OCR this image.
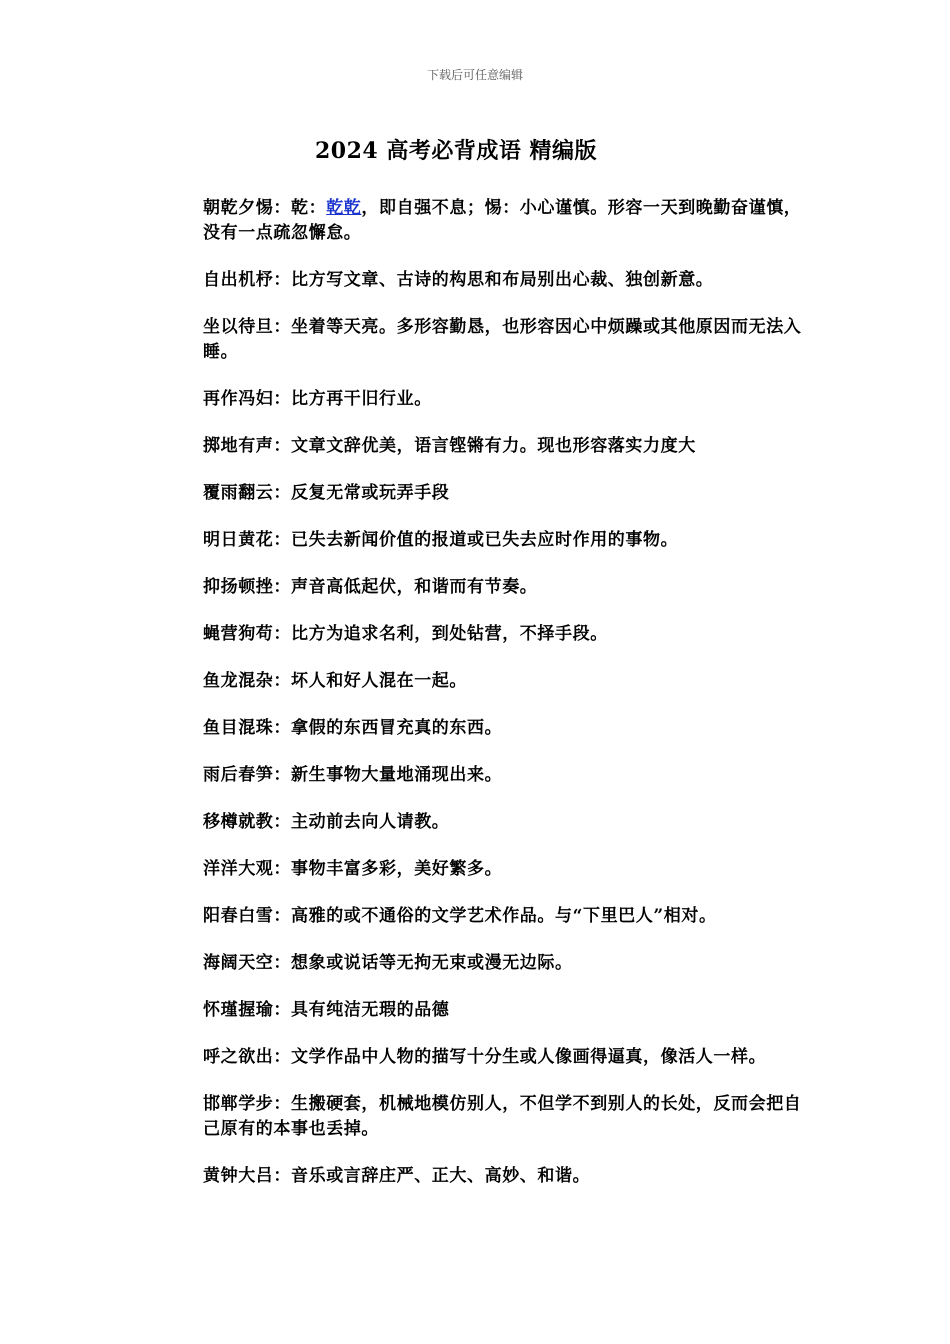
下载后可任意编辑
2024 高考必背成语 精编版

朝乾夕惕：乾：乾乾，即自强不息；惕：小心谨慎。形容一天到晚勤奋谨慎，没有一点疏忽懈怠。

自出机杼：比方写文章、古诗的构思和布局别出心裁、独创新意。

坐以待旦：坐着等天亮。多形容勤恳，也形容因心中烦躁或其他原因而无法入睡。

再作冯妇：比方再干旧行业。

掷地有声：文章文辞优美，语言铿锵有力。现也形容落实力度大

覆雨翻云：反复无常或玩弄手段

明日黄花：已失去新闻价值的报道或已失去应时作用的事物。

抑扬顿挫：声音高低起伏，和谐而有节奏。

蝇营狗苟：比方为追求名利，到处钻营，不择手段。

鱼龙混杂：坏人和好人混在一起。

鱼目混珠：拿假的东西冒充真的东西。

雨后春笋：新生事物大量地涌现出来。

移樽就教：主动前去向人请教。

洋洋大观：事物丰富多彩，美好繁多。

阳春白雪：高雅的或不通俗的文学艺术作品。与“下里巴人”相对。

海阔天空：想象或说话等无拘无束或漫无边际。

怀瑾握瑜：具有纯洁无瑕的品德

呼之欲出：文学作品中人物的描写十分生或人像画得逼真，像活人一样。

邯郸学步：生搬硬套，机械地模仿别人，不但学不到别人的长处，反而会把自己原有的本事也丢掉。

黄钟大吕：音乐或言辞庄严、正大、高妙、和谐。
